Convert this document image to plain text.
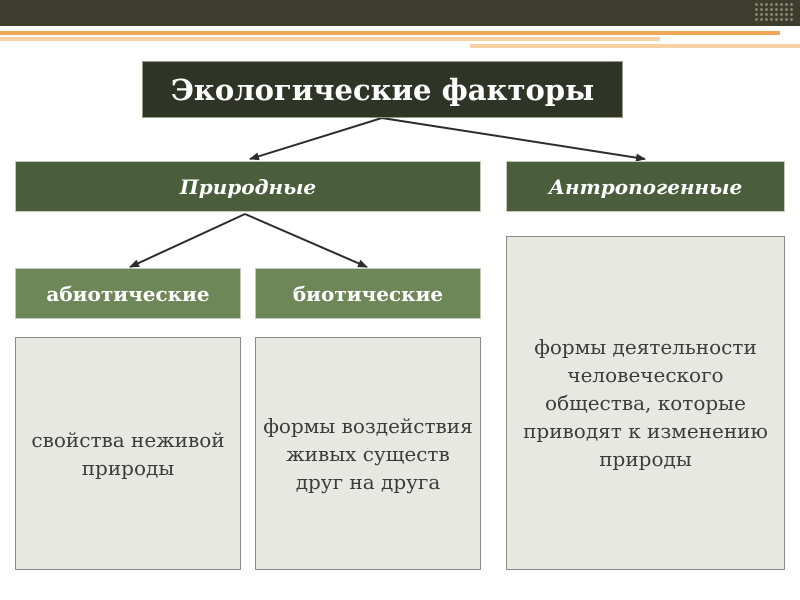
Экологические факторы
Природные	Антропогенные
абиотические	биотические
свойства неживой природы
формы воздействия живых существ друг на друга
формы деятельности человеческого общества, которые приводят к изменению природы
